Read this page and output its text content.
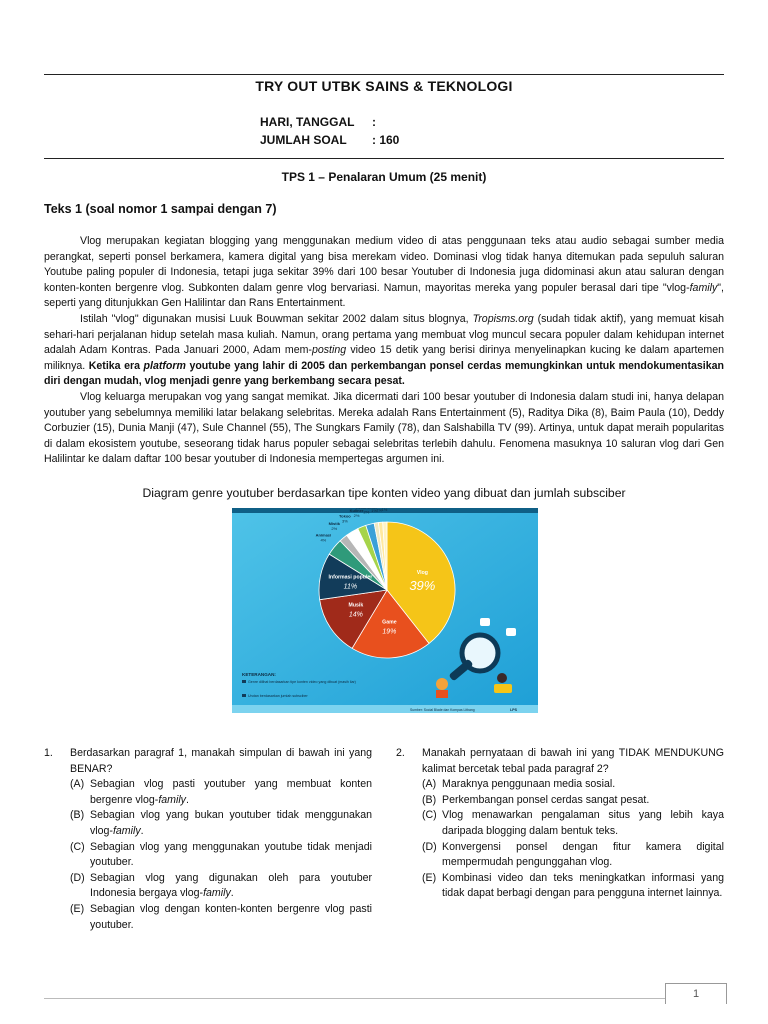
TRY OUT UTBK SAINS & TEKNOLOGI
HARI, TANGGAL :
JUMLAH SOAL : 160
TPS 1 – Penalaran Umum (25 menit)
Teks 1 (soal nomor 1 sampai dengan 7)

Vlog merupakan kegiatan blogging yang menggunakan medium video di atas penggunaan teks atau audio sebagai sumber media perangkat, seperti ponsel berkamera, kamera digital yang bisa merekam video. Dominasi vlog tidak hanya ditemukan pada sepuluh saluran Youtube paling populer di Indonesia, tetapi juga sekitar 39% dari 100 besar Youtuber di Indonesia juga didominasi akun atau saluran dengan konten-konten bergenre vlog. Subkonten dalam genre vlog bervariasi. Namun, mayoritas mereka yang populer berasal dari tipe "vlog-family", seperti yang ditunjukkan Gen Halilintar dan Rans Entertainment.

Istilah "vlog" digunakan musisi Luuk Bouwman sekitar 2002 dalam situs blognya, Tropisms.org (sudah tidak aktif), yang memuat kisah sehari-hari perjalanan hidup setelah masa kuliah. Namun, orang pertama yang membuat vlog muncul secara populer dalam kehidupan internet adalah Adam Kontras. Pada Januari 2000, Adam mem-posting video 15 detik yang berisi dirinya menyelinapkan kucing ke dalam apartemen miliknya. Ketika era platform youtube yang lahir di 2005 dan perkembangan ponsel cerdas memungkinkan untuk mendokumentasikan diri dengan mudah, vlog menjadi genre yang berkembang secara pesat.

Vlog keluarga merupakan vog yang sangat memikat. Jika dicermati dari 100 besar youtuber di Indonesia dalam studi ini, hanya delapan youtuber yang sebelumnya memiliki latar belakang selebritas. Mereka adalah Rans Entertainment (5), Raditya Dika (8), Baim Paula (10), Deddy Corbuzier (15), Dunia Manji (47), Sule Channel (55), The Sungkars Family (78), dan Salshabilla TV (99). Artinya, untuk dapat meraih popularitas di dalam ekosistem youtube, seseorang tidak harus populer sebagai selebritas terlebih dahulu. Fenomena masuknya 10 saluran vlog dari Gen Halilintar ke dalam daftar 100 besar youtuber di Indonesia mempertegas argumen ini.

Diagram genre youtuber berdasarkan tipe konten video yang dibuat dan jumlah subsciber
Vlog
39%
Game
19%
Musik
14%
Informasi populer
11%
Animasi
4%
Mistik
2%
Tokoo
3%
Kuliner
2%
2% 1% 1% 1%
KETERANGAN:
Genre dilihat berdasarkan tipe konten video yang dibuat (masih liar)
Urutan berdasarkan jumlah subsciber
Sumber: Social Blade dan Kompas Litbang	LPS
1. Berdasarkan paragraf 1, manakah simpulan di bawah ini yang BENAR?
(A) Sebagian vlog pasti youtuber yang membuat konten bergenre vlog-family.
(B) Sebagian vlog yang bukan youtuber tidak menggunakan vlog-family.
(C) Sebagian vlog yang menggunakan youtube tidak menjadi youtuber.
(D) Sebagian vlog yang digunakan oleh para youtuber Indonesia bergaya vlog-family.
(E) Sebagian vlog dengan konten-konten bergenre vlog pasti youtuber.
2. Manakah pernyataan di bawah ini yang TIDAK MENDUKUNG kalimat bercetak tebal pada paragraf 2?
(A) Maraknya penggunaan media sosial.
(B) Perkembangan ponsel cerdas sangat pesat.
(C) Vlog menawarkan pengalaman situs yang lebih kaya daripada blogging dalam bentuk teks.
(D) Konvergensi ponsel dengan fitur kamera digital mempermudah pengunggahan vlog.
(E) Kombinasi video dan teks meningkatkan informasi yang tidak dapat berbagi dengan para pengguna internet lainnya.
1
